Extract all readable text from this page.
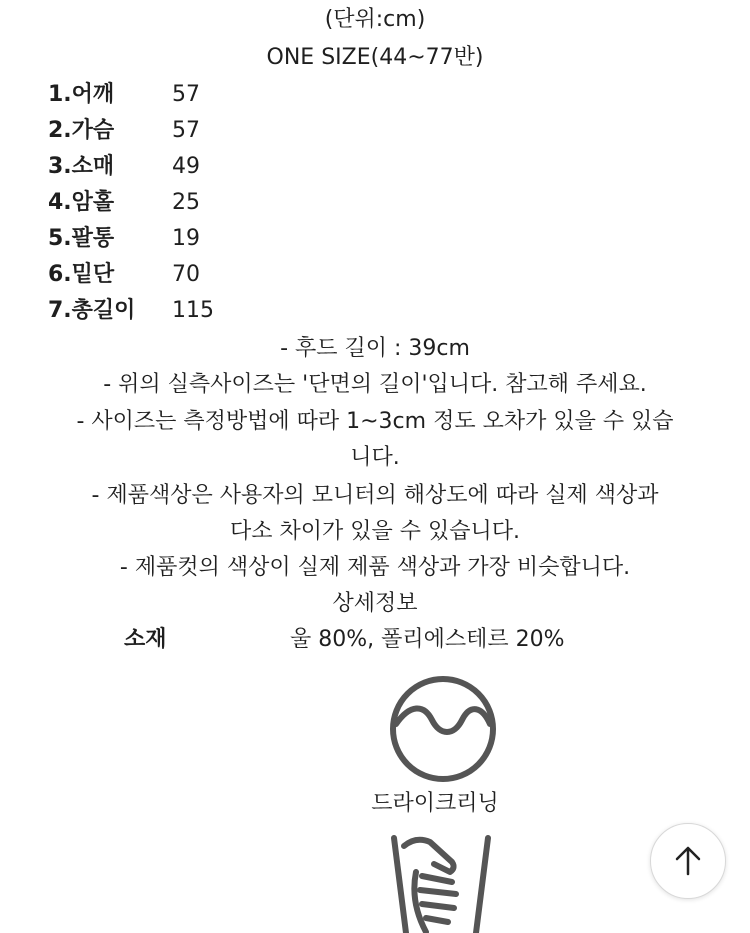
(단위:cm)
ONE SIZE(44~77반)
1.어깨	57
2.가슴	57
3.소매	49
4.암홀	25
5.팔통	19
6.밑단	70
7.총길이	115
- 후드 길이 : 39cm
- 위의 실측사이즈는 '단면의 길이'입니다. 참고해 주세요.
- 사이즈는 측정방법에 따라 1~3cm 정도 오차가 있을 수 있습
니다.
- 제품색상은 사용자의 모니터의 해상도에 따라 실제 색상과
다소 차이가 있을 수 있습니다.
- 제품컷의 색상이 실제 제품 색상과 가장 비슷합니다.
상세정보
소재	울 80%, 폴리에스테르 20%
드라이크리닝
